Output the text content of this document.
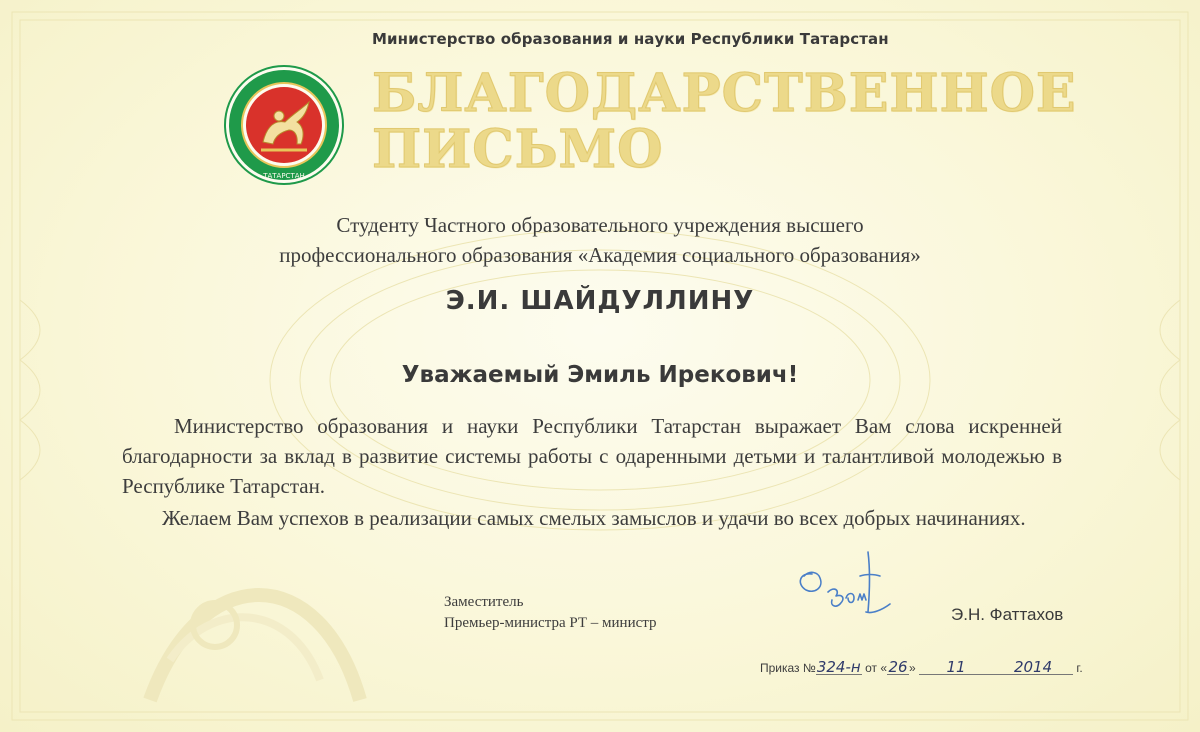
Министерство образования и науки Республики Татарстан
ТАТАРСТАН
БЛАГОДАРСТВЕННОЕ
ПИСЬМО
Студенту Частного образовательного учреждения высшего
профессионального образования «Академия социального образования»
Э.И. ШАЙДУЛЛИНУ
Уважаемый Эмиль Ирекович!
Министерство образования и науки Республики Татарстан выражает Вам слова искренней благодарности за вклад в развитие системы работы с одаренными детьми и талантливой молодежью в Республике Татарстан.
Желаем Вам успехов в реализации самых смелых замыслов и удачи во всех добрых начинаниях.
Заместитель
Премьер-министра РТ – министр	Э.Н. Фаттахов
Приказ №324-н от «26» 11	2014 г.
